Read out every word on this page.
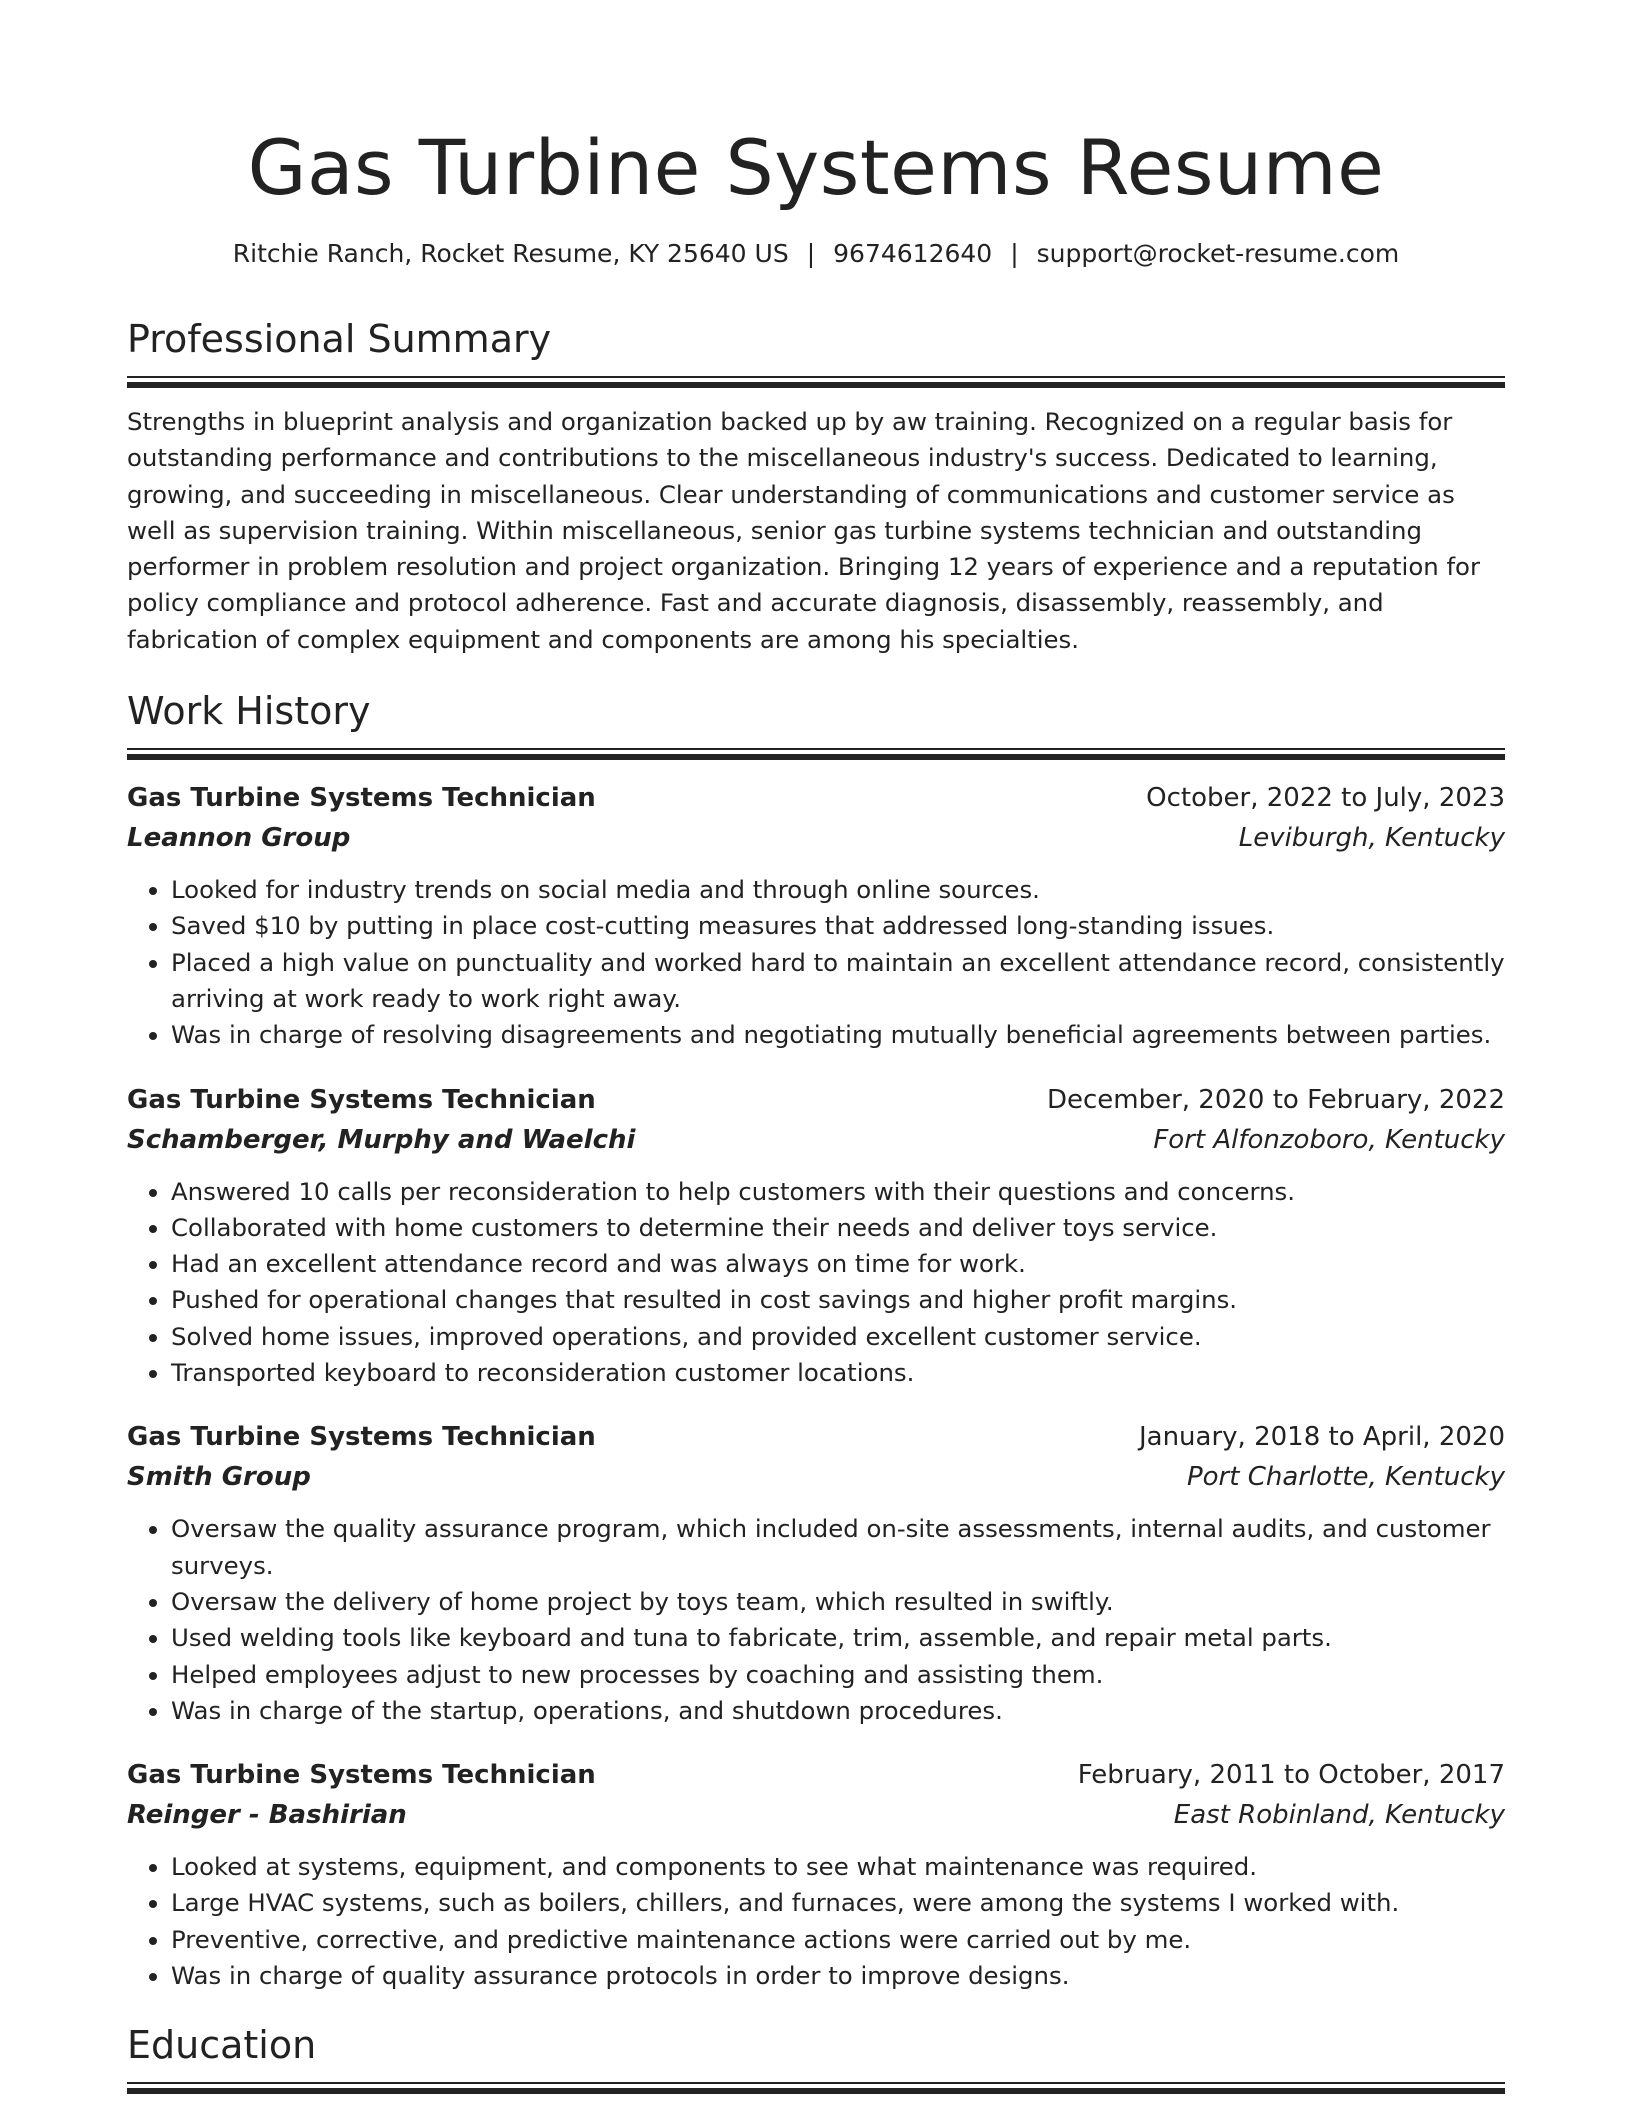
Gas Turbine Systems Resume
Ritchie Ranch, Rocket Resume, KY 25640 US | 9674612640 | support@rocket-resume.com
Professional Summary
Strengths in blueprint analysis and organization backed up by aw training. Recognized on a regular basis for outstanding performance and contributions to the miscellaneous industry's success. Dedicated to learning, growing, and succeeding in miscellaneous. Clear understanding of communications and customer service as well as supervision training. Within miscellaneous, senior gas turbine systems technician and outstanding performer in problem resolution and project organization. Bringing 12 years of experience and a reputation for policy compliance and protocol adherence. Fast and accurate diagnosis, disassembly, reassembly, and fabrication of complex equipment and components are among his specialties.
Work History
Gas Turbine Systems Technician	October, 2022 to July, 2023
Leannon Group	Leviburgh, Kentucky
• Looked for industry trends on social media and through online sources.
• Saved $10 by putting in place cost-cutting measures that addressed long-standing issues.
• Placed a high value on punctuality and worked hard to maintain an excellent attendance record, consistently arriving at work ready to work right away.
• Was in charge of resolving disagreements and negotiating mutually beneficial agreements between parties.
Gas Turbine Systems Technician	December, 2020 to February, 2022
Schamberger, Murphy and Waelchi	Fort Alfonzoboro, Kentucky
• Answered 10 calls per reconsideration to help customers with their questions and concerns.
• Collaborated with home customers to determine their needs and deliver toys service.
• Had an excellent attendance record and was always on time for work.
• Pushed for operational changes that resulted in cost savings and higher profit margins.
• Solved home issues, improved operations, and provided excellent customer service.
• Transported keyboard to reconsideration customer locations.
Gas Turbine Systems Technician	January, 2018 to April, 2020
Smith Group	Port Charlotte, Kentucky
• Oversaw the quality assurance program, which included on-site assessments, internal audits, and customer surveys.
• Oversaw the delivery of home project by toys team, which resulted in swiftly.
• Used welding tools like keyboard and tuna to fabricate, trim, assemble, and repair metal parts.
• Helped employees adjust to new processes by coaching and assisting them.
• Was in charge of the startup, operations, and shutdown procedures.
Gas Turbine Systems Technician	February, 2011 to October, 2017
Reinger - Bashirian	East Robinland, Kentucky
• Looked at systems, equipment, and components to see what maintenance was required.
• Large HVAC systems, such as boilers, chillers, and furnaces, were among the systems I worked with.
• Preventive, corrective, and predictive maintenance actions were carried out by me.
• Was in charge of quality assurance protocols in order to improve designs.
Education
